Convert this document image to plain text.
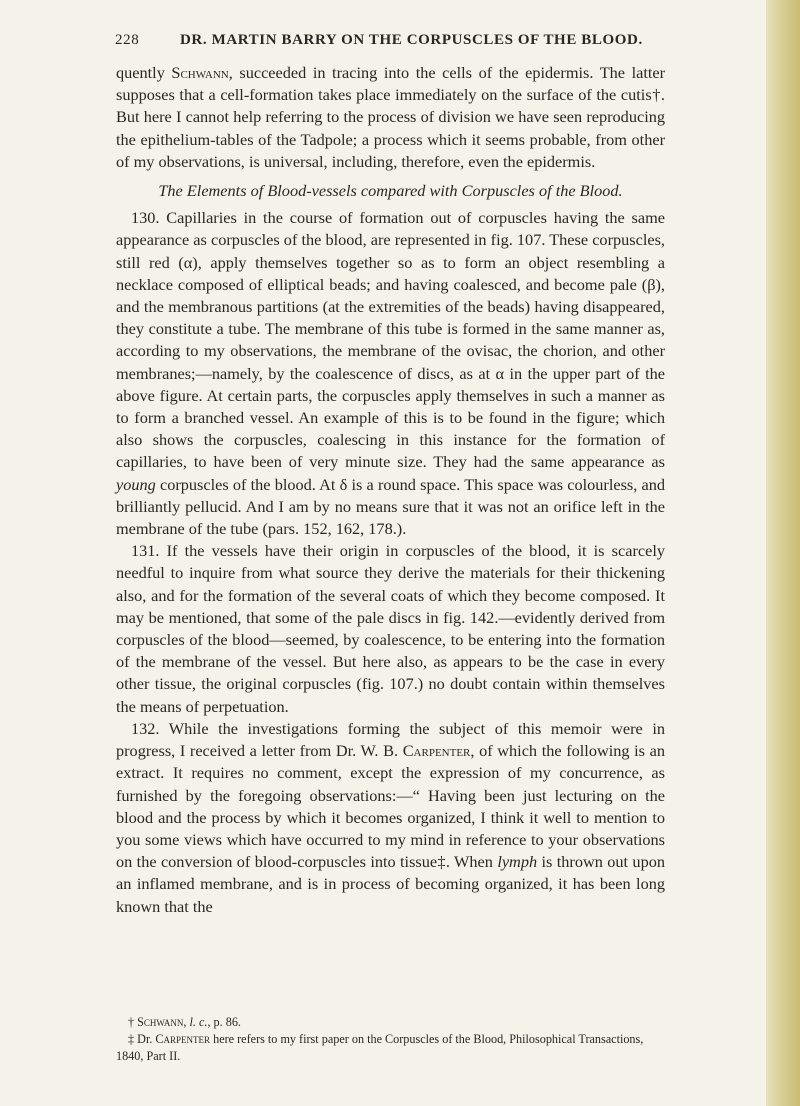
228	DR. MARTIN BARRY ON THE CORPUSCLES OF THE BLOOD.

quently Schwann, succeeded in tracing into the cells of the epidermis. The latter supposes that a cell-formation takes place immediately on the surface of the cutis†. But here I cannot help referring to the process of division we have seen reproducing the epithelium-tables of the Tadpole; a process which it seems probable, from other of my observations, is universal, including, therefore, even the epidermis.

The Elements of Blood-vessels compared with Corpuscles of the Blood.

130. Capillaries in the course of formation out of corpuscles having the same appearance as corpuscles of the blood, are represented in fig. 107. These corpuscles, still red (α), apply themselves together so as to form an object resembling a necklace composed of elliptical beads; and having coalesced, and become pale (β), and the membranous partitions (at the extremities of the beads) having disappeared, they constitute a tube. The membrane of this tube is formed in the same manner as, according to my observations, the membrane of the ovisac, the chorion, and other membranes;—namely, by the coalescence of discs, as at α in the upper part of the above figure. At certain parts, the corpuscles apply themselves in such a manner as to form a branched vessel. An example of this is to be found in the figure; which also shows the corpuscles, coalescing in this instance for the formation of capillaries, to have been of very minute size. They had the same appearance as young corpuscles of the blood. At δ is a round space. This space was colourless, and brilliantly pellucid. And I am by no means sure that it was not an orifice left in the membrane of the tube (pars. 152, 162, 178.).

131. If the vessels have their origin in corpuscles of the blood, it is scarcely needful to inquire from what source they derive the materials for their thickening also, and for the formation of the several coats of which they become composed. It may be mentioned, that some of the pale discs in fig. 142.—evidently derived from corpuscles of the blood—seemed, by coalescence, to be entering into the formation of the membrane of the vessel. But here also, as appears to be the case in every other tissue, the original corpuscles (fig. 107.) no doubt contain within themselves the means of perpetuation.

132. While the investigations forming the subject of this memoir were in progress, I received a letter from Dr. W. B. Carpenter, of which the following is an extract. It requires no comment, except the expression of my concurrence, as furnished by the foregoing observations:—“ Having been just lecturing on the blood and the process by which it becomes organized, I think it well to mention to you some views which have occurred to my mind in reference to your observations on the conversion of blood-corpuscles into tissue‡. When lymph is thrown out upon an inflamed membrane, and is in process of becoming organized, it has been long known that the

† Schwann, l. c., p. 86.

‡ Dr. Carpenter here refers to my first paper on the Corpuscles of the Blood, Philosophical Transactions, 1840, Part II.
